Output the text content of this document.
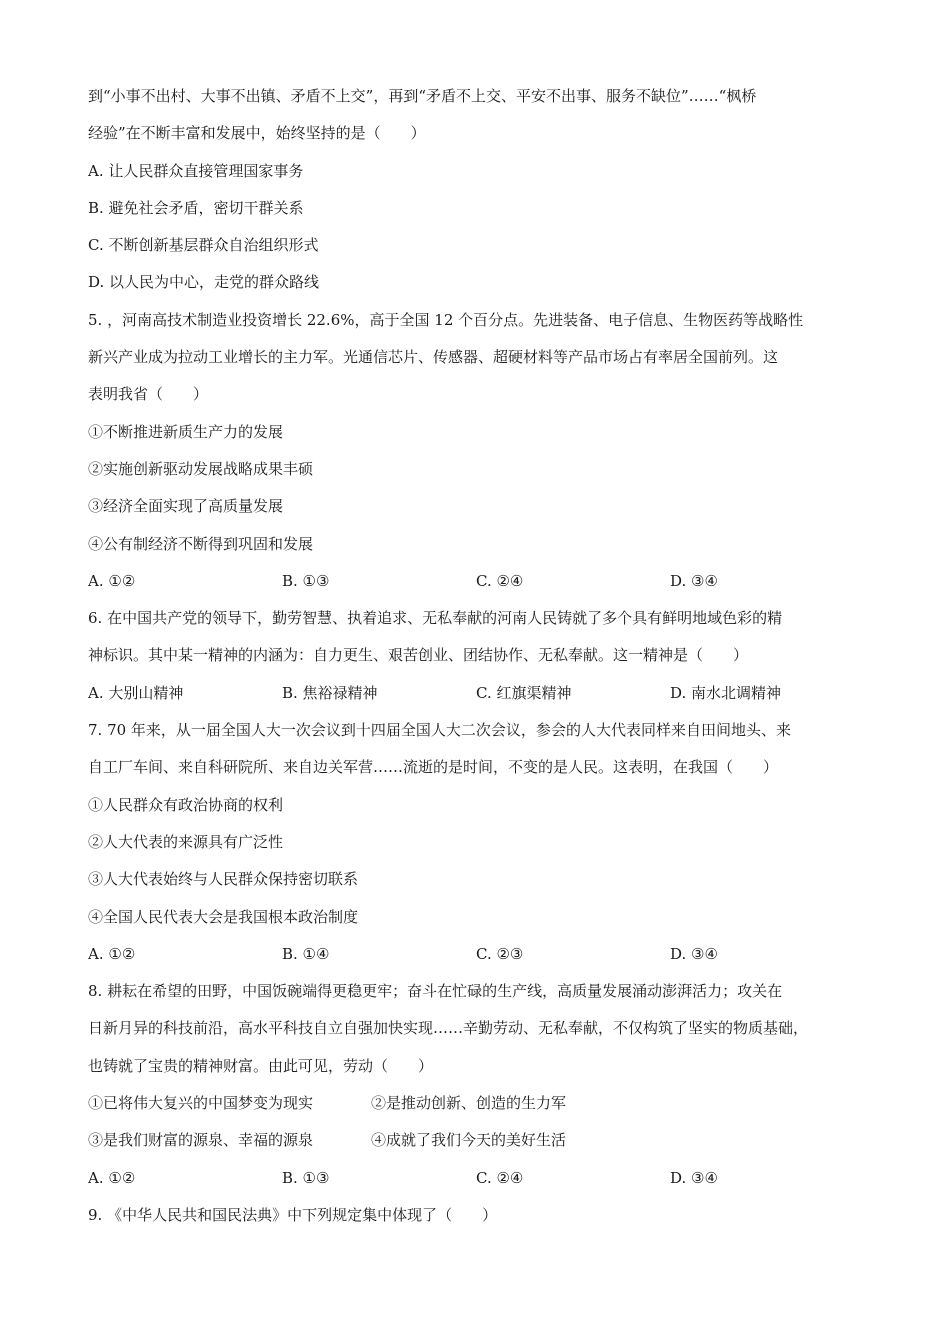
到“小事不出村、大事不出镇、矛盾不上交”，再到“矛盾不上交、平安不出事、服务不缺位”……“枫桥
经验”在不断丰富和发展中，始终坚持的是（　　）
A. 让人民群众直接管理国家事务
B. 避免社会矛盾，密切干群关系
C. 不断创新基层群众自治组织形式
D. 以人民为中心，走党的群众路线
5. ，河南高技术制造业投资增长 22.6%，高于全国 12 个百分点。先进装备、电子信息、生物医药等战略性
新兴产业成为拉动工业增长的主力军。光通信芯片、传感器、超硬材料等产品市场占有率居全国前列。这
表明我省（　　）
①不断推进新质生产力的发展
②实施创新驱动发展战略成果丰硕
③经济全面实现了高质量发展
④公有制经济不断得到巩固和发展
A. ①②	B. ①③	C. ②④	D. ③④
6. 在中国共产党的领导下，勤劳智慧、执着追求、无私奉献的河南人民铸就了多个具有鲜明地域色彩的精
神标识。其中某一精神的内涵为：自力更生、艰苦创业、团结协作、无私奉献。这一精神是（　　）
A. 大别山精神	B. 焦裕禄精神	C. 红旗渠精神	D. 南水北调精神
7. 70 年来，从一届全国人大一次会议到十四届全国人大二次会议，参会的人大代表同样来自田间地头、来
自工厂车间、来自科研院所、来自边关军营……流逝的是时间，不变的是人民。这表明，在我国（　　）
①人民群众有政治协商的权利
②人大代表的来源具有广泛性
③人大代表始终与人民群众保持密切联系
④全国人民代表大会是我国根本政治制度
A. ①②	B. ①④	C. ②③	D. ③④
8. 耕耘在希望的田野，中国饭碗端得更稳更牢；奋斗在忙碌的生产线，高质量发展涌动澎湃活力；攻关在
日新月异的科技前沿，高水平科技自立自强加快实现……辛勤劳动、无私奉献，不仅构筑了坚实的物质基础，
也铸就了宝贵的精神财富。由此可见，劳动（　　）
①已将伟大复兴的中国梦变为现实	②是推动创新、创造的生力军
③是我们财富的源泉、幸福的源泉	④成就了我们今天的美好生活
A. ①②	B. ①③	C. ②④	D. ③④
9. 《中华人民共和国民法典》中下列规定集中体现了（　　）
